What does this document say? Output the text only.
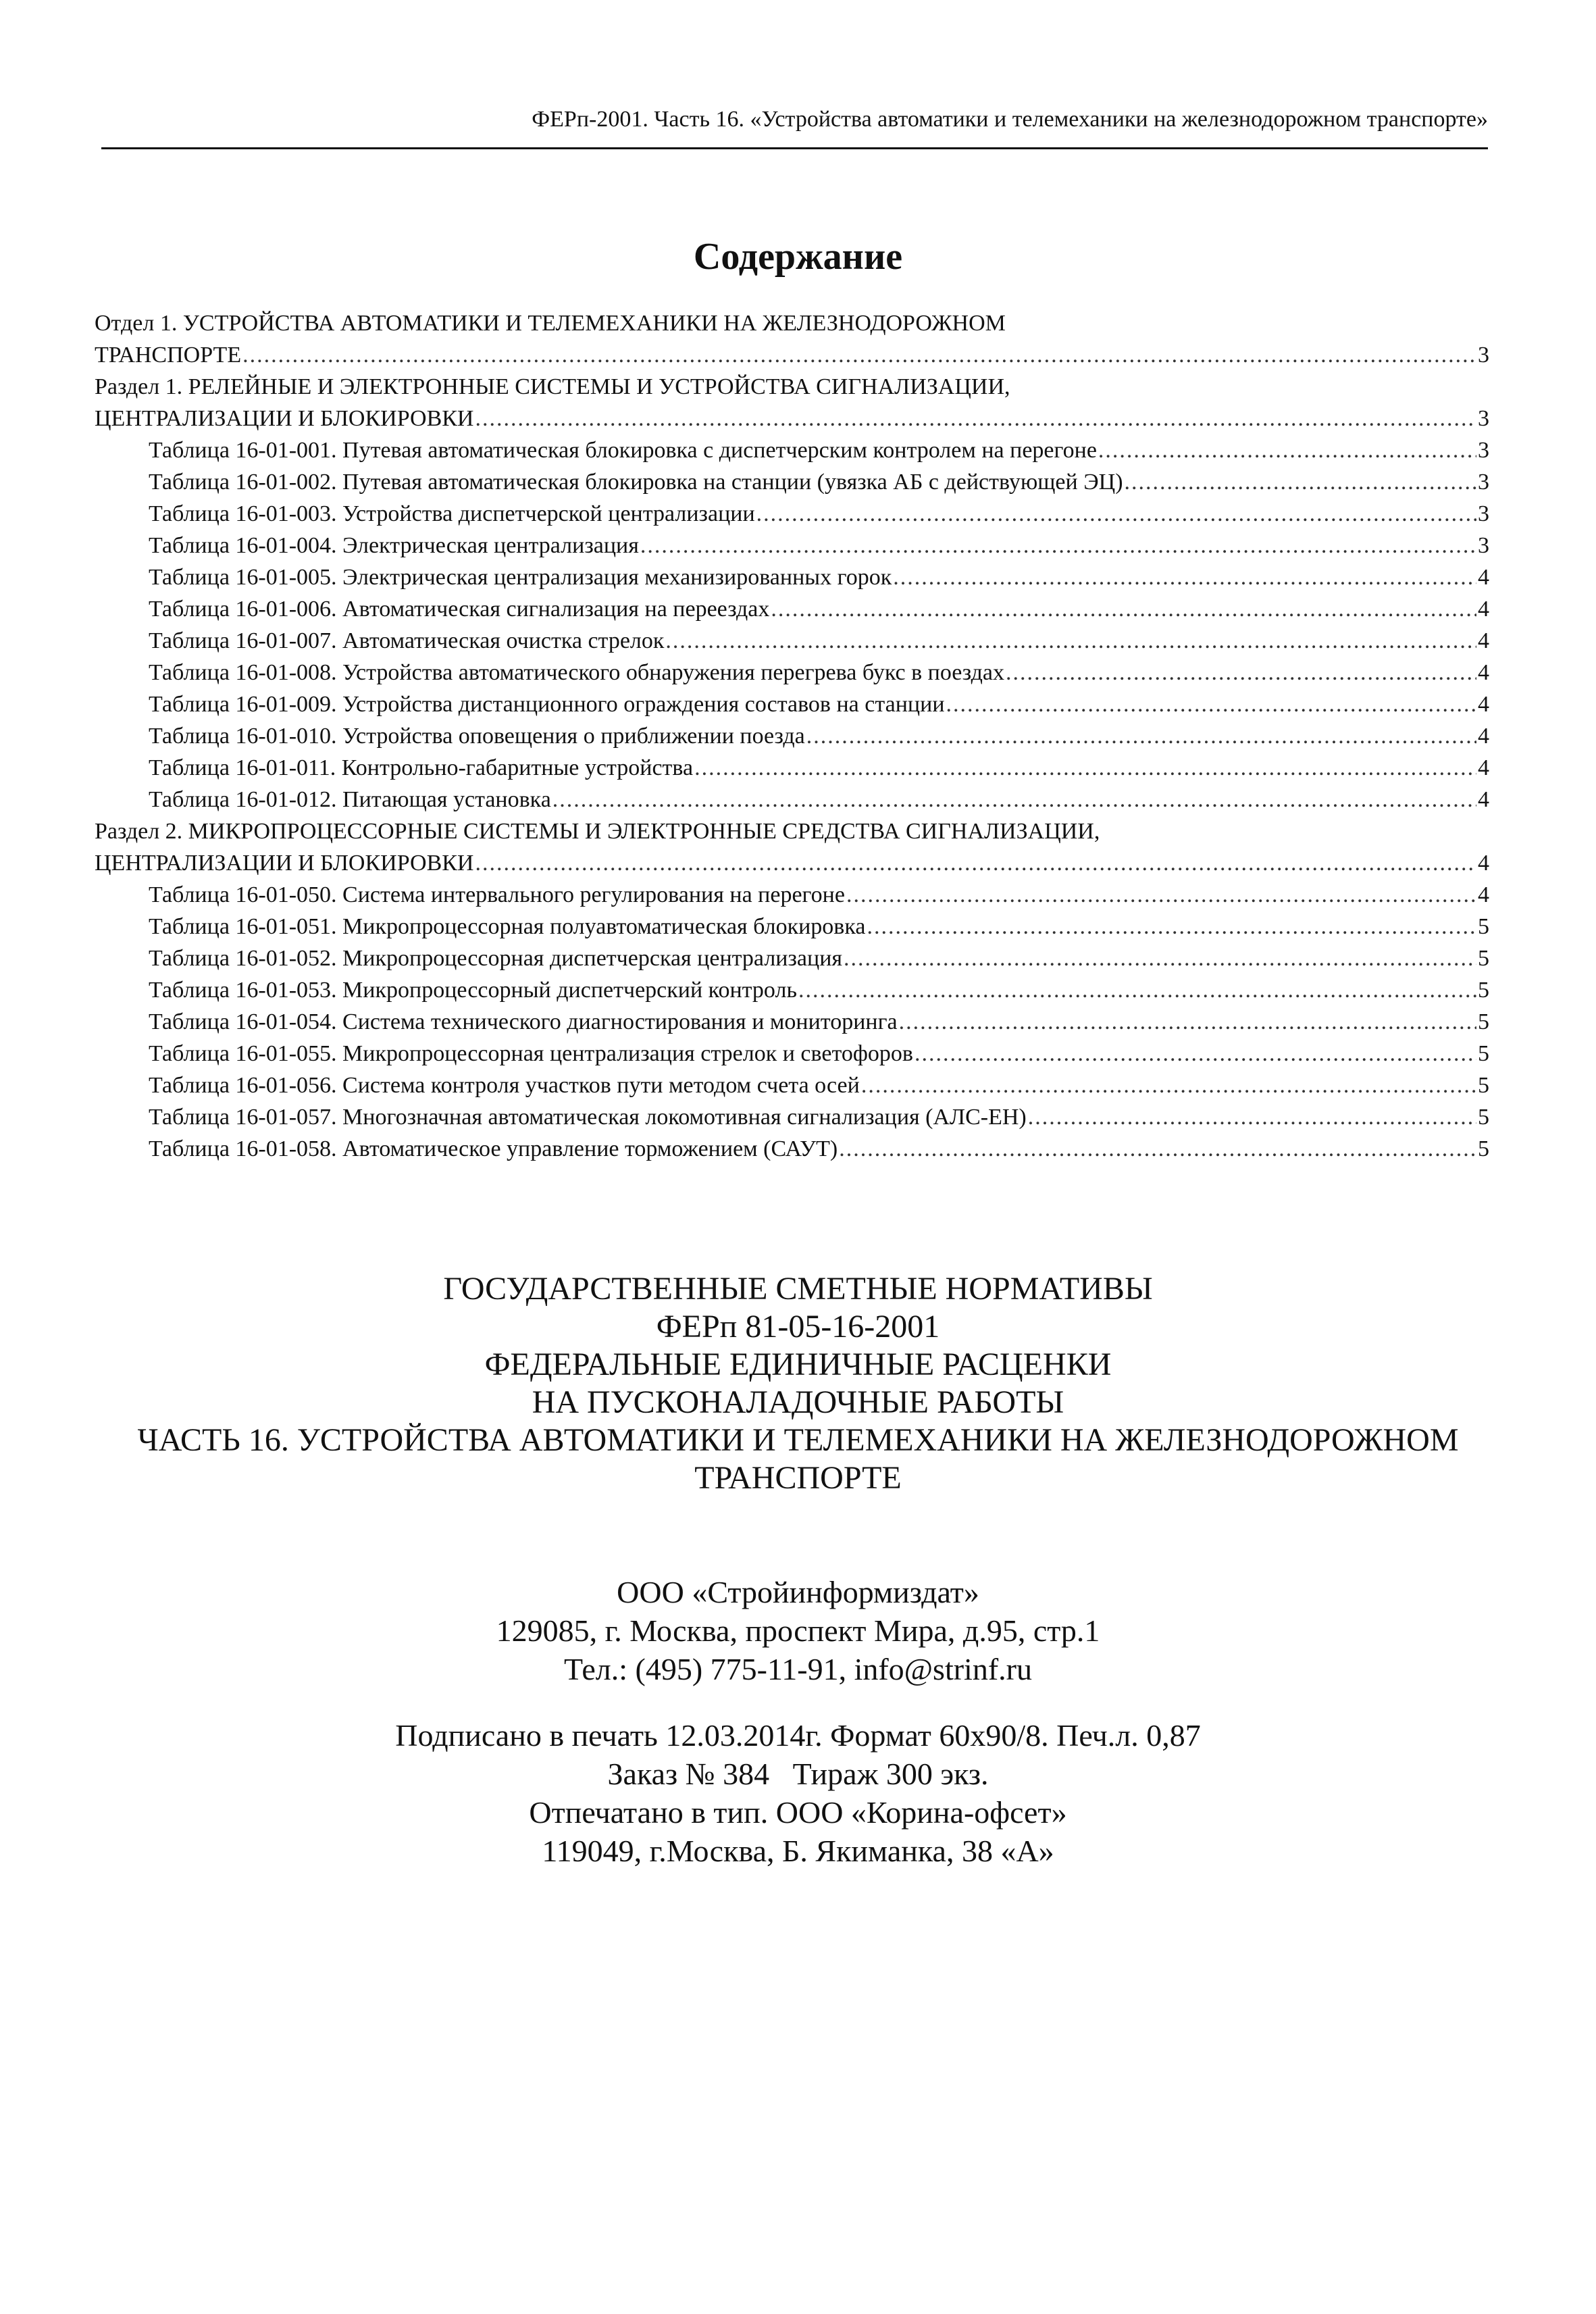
ФЕРп-2001. Часть 16. «Устройства автоматики и телемеханики на железнодорожном транспорте»
Содержание
Отдел 1. УСТРОЙСТВА АВТОМАТИКИ И ТЕЛЕМЕХАНИКИ НА ЖЕЛЕЗНОДОРОЖНОМ
ТРАНСПОРТЕ .....	3
Раздел 1. РЕЛЕЙНЫЕ И ЭЛЕКТРОННЫЕ СИСТЕМЫ И УСТРОЙСТВА СИГНАЛИЗАЦИИ,
ЦЕНТРАЛИЗАЦИИ И БЛОКИРОВКИ .....	3
Таблица 16-01-001. Путевая автоматическая блокировка с диспетчерским контролем на перегоне .....	3
Таблица 16-01-002. Путевая автоматическая блокировка на станции (увязка АБ с действующей ЭЦ) .....	3
Таблица 16-01-003. Устройства диспетчерской централизации .....	3
Таблица 16-01-004. Электрическая централизация .....	3
Таблица 16-01-005. Электрическая централизация механизированных горок .....	4
Таблица 16-01-006. Автоматическая сигнализация на переездах .....	4
Таблица 16-01-007. Автоматическая очистка стрелок .....	4
Таблица 16-01-008. Устройства автоматического обнаружения перегрева букс в поездах .....	4
Таблица 16-01-009. Устройства дистанционного ограждения составов на станции .....	4
Таблица 16-01-010. Устройства оповещения о приближении поезда .....	4
Таблица 16-01-011. Контрольно-габаритные устройства .....	4
Таблица 16-01-012. Питающая установка .....	4
Раздел 2. МИКРОПРОЦЕССОРНЫЕ СИСТЕМЫ И ЭЛЕКТРОННЫЕ СРЕДСТВА СИГНАЛИЗАЦИИ,
ЦЕНТРАЛИЗАЦИИ И БЛОКИРОВКИ .....	4
Таблица 16-01-050. Система интервального регулирования на перегоне .....	4
Таблица 16-01-051. Микропроцессорная полуавтоматическая блокировка .....	5
Таблица 16-01-052. Микропроцессорная диспетчерская централизация .....	5
Таблица 16-01-053. Микропроцессорный диспетчерский контроль .....	5
Таблица 16-01-054. Система технического диагностирования и мониторинга .....	5
Таблица 16-01-055. Микропроцессорная централизация стрелок и светофоров .....	5
Таблица 16-01-056. Система контроля участков пути методом счета осей .....	5
Таблица 16-01-057. Многозначная автоматическая локомотивная сигнализация (АЛС-ЕН) .....	5
Таблица 16-01-058. Автоматическое управление торможением (САУТ) .....	5
ГОСУДАРСТВЕННЫЕ СМЕТНЫЕ НОРМАТИВЫ
ФЕРп 81-05-16-2001
ФЕДЕРАЛЬНЫЕ ЕДИНИЧНЫЕ РАСЦЕНКИ
НА ПУСКОНАЛАДОЧНЫЕ РАБОТЫ
ЧАСТЬ 16. УСТРОЙСТВА АВТОМАТИКИ И ТЕЛЕМЕХАНИКИ НА ЖЕЛЕЗНОДОРОЖНОМ
ТРАНСПОРТЕ
ООО «Стройинформиздат»
129085, г. Москва, проспект Мира, д.95, стр.1
Тел.: (495) 775-11-91, info@strinf.ru
Подписано в печать 12.03.2014г. Формат 60x90/8. Печ.л. 0,87
Заказ № 384   Тираж 300 экз.
Отпечатано в тип. ООО «Корина-офсет»
119049, г.Москва, Б. Якиманка, 38 «А»
